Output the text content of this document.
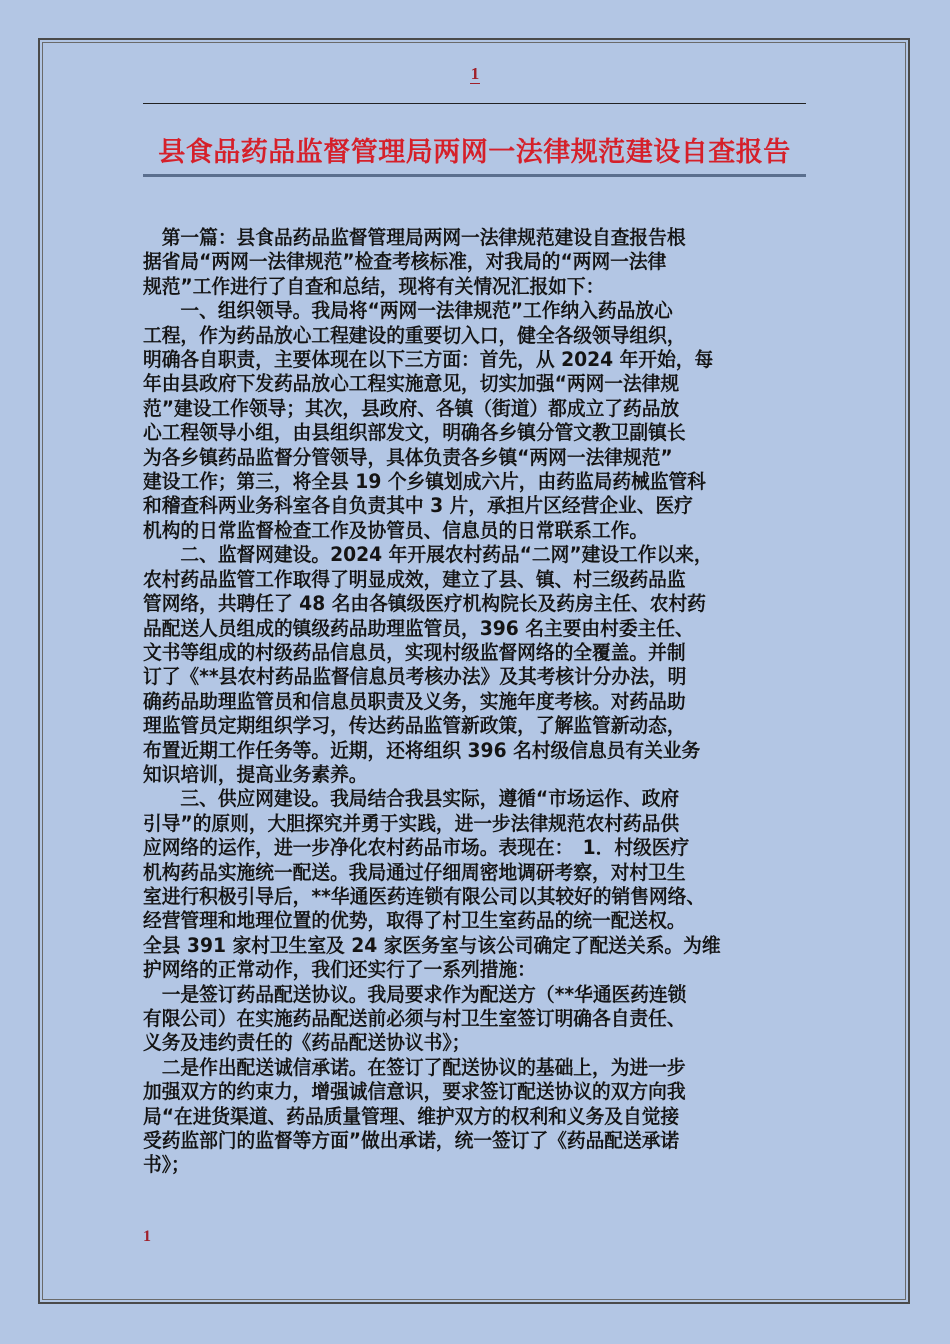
1
县食品药品监督管理局两网一法律规范建设自查报告

　第一篇：县食品药品监督管理局两网一法律规范建设自查报告根

据省局“两网一法律规范”检查考核标准，对我局的“两网一法律

规范”工作进行了自查和总结，现将有关情况汇报如下：

　　一、组织领导。我局将“两网一法律规范”工作纳入药品放心

工程，作为药品放心工程建设的重要切入口，健全各级领导组织，

明确各自职责，主要体现在以下三方面：首先，从 2024 年开始，每

年由县政府下发药品放心工程实施意见，切实加强“两网一法律规

范”建设工作领导；其次，县政府、各镇（街道）都成立了药品放

心工程领导小组，由县组织部发文，明确各乡镇分管文教卫副镇长

为各乡镇药品监督分管领导，具体负责各乡镇“两网一法律规范”

建设工作；第三，将全县 19 个乡镇划成六片，由药监局药械监管科

和稽查科两业务科室各自负责其中 3 片，承担片区经营企业、医疗

机构的日常监督检查工作及协管员、信息员的日常联系工作。

　　二、监督网建设。2024 年开展农村药品“二网”建设工作以来，

农村药品监管工作取得了明显成效，建立了县、镇、村三级药品监

管网络，共聘任了 48 名由各镇级医疗机构院长及药房主任、农村药

品配送人员组成的镇级药品助理监管员，396 名主要由村委主任、

文书等组成的村级药品信息员，实现村级监督网络的全覆盖。并制

订了《**县农村药品监督信息员考核办法》及其考核计分办法，明

确药品助理监管员和信息员职责及义务，实施年度考核。对药品助

理监管员定期组织学习，传达药品监管新政策，了解监管新动态，

布置近期工作任务等。近期，还将组织 396 名村级信息员有关业务

知识培训，提高业务素养。

　　三、供应网建设。我局结合我县实际，遵循“市场运作、政府

引导”的原则，大胆探究并勇于实践，进一步法律规范农村药品供

应网络的运作，进一步净化农村药品市场。表现在：　1．村级医疗

机构药品实施统一配送。我局通过仔细周密地调研考察，对村卫生

室进行积极引导后，**华通医药连锁有限公司以其较好的销售网络、

经营管理和地理位置的优势，取得了村卫生室药品的统一配送权。

全县 391 家村卫生室及 24 家医务室与该公司确定了配送关系。为维

护网络的正常动作，我们还实行了一系列措施：

　一是签订药品配送协议。我局要求作为配送方（**华通医药连锁

有限公司）在实施药品配送前必须与村卫生室签订明确各自责任、

义务及违约责任的《药品配送协议书》；

　二是作出配送诚信承诺。在签订了配送协议的基础上，为进一步

加强双方的约束力，增强诚信意识，要求签订配送协议的双方向我

局“在进货渠道、药品质量管理、维护双方的权利和义务及自觉接

受药监部门的监督等方面”做出承诺，统一签订了《药品配送承诺

书》；

1
